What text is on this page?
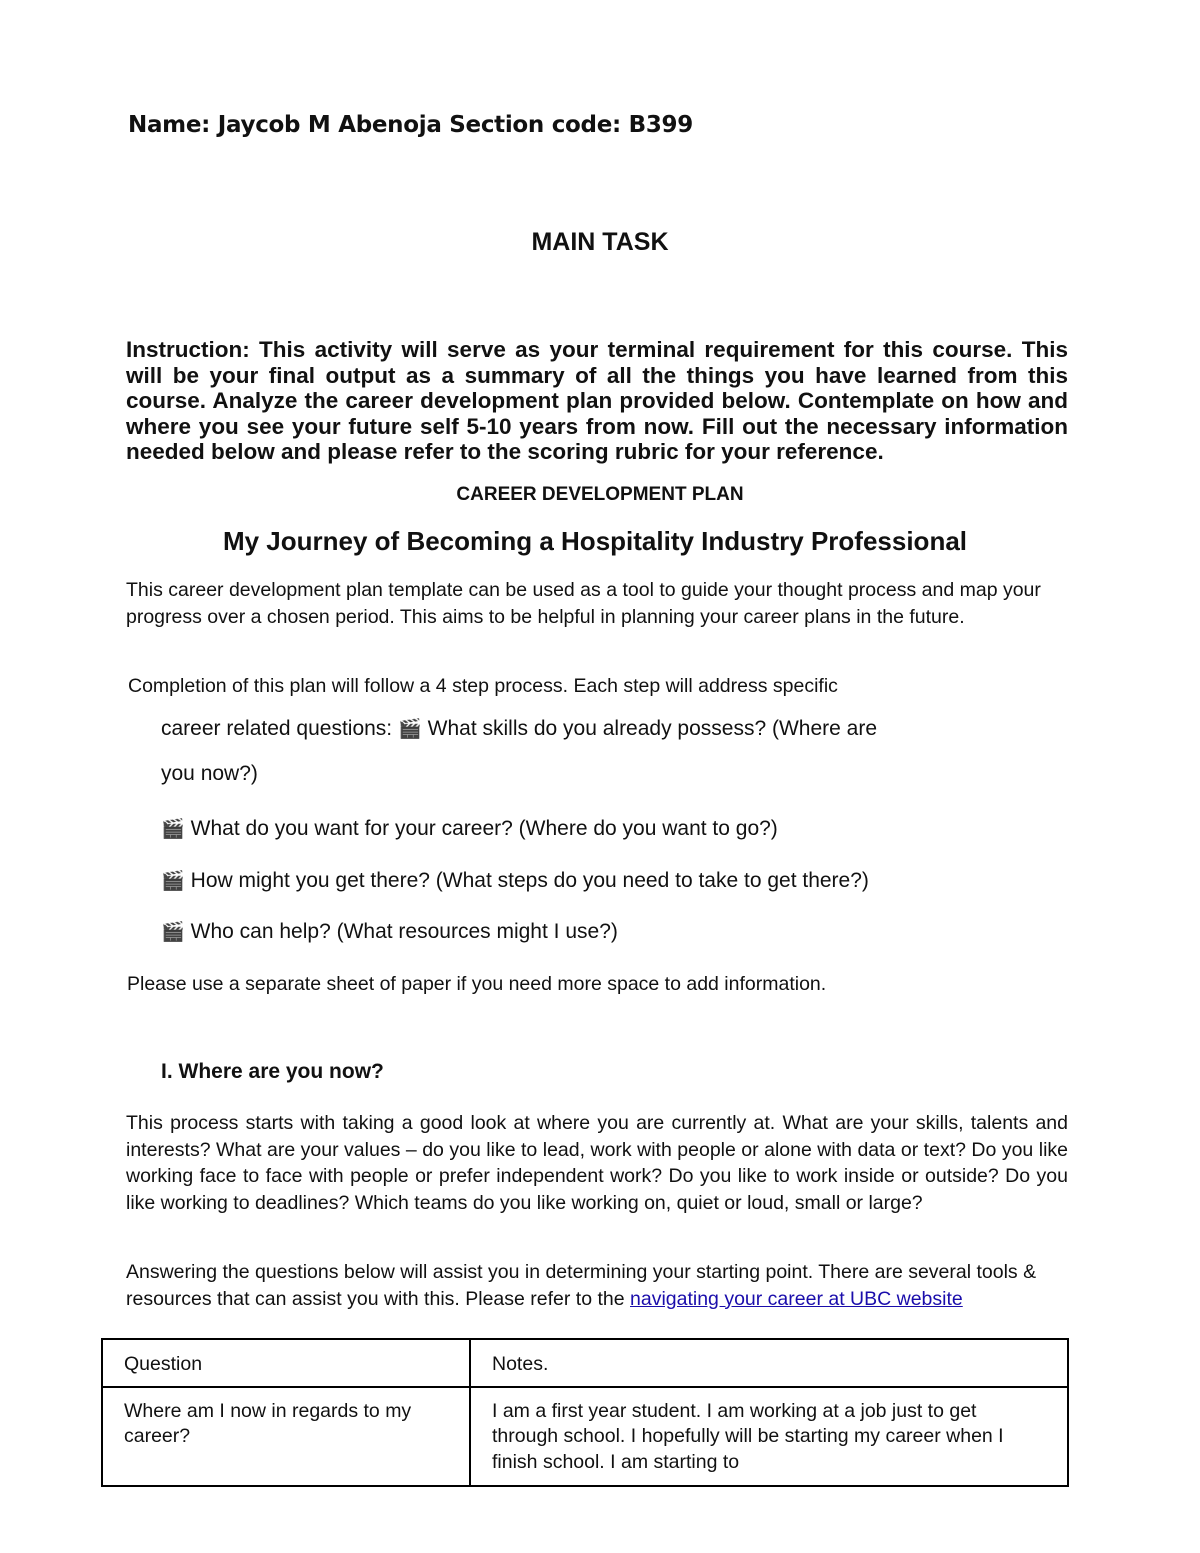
Name: Jaycob M Abenoja Section code: B399
MAIN TASK
Instruction: This activity will serve as your terminal requirement for this course. This will be your final output as a summary of all the things you have learned from this course. Analyze the career development plan provided below. Contemplate on how and where you see your future self 5-10 years from now. Fill out the necessary information needed below and please refer to the scoring rubric for your reference.
CAREER DEVELOPMENT PLAN
My Journey of Becoming a Hospitality Industry Professional
This career development plan template can be used as a tool to guide your thought process and map your progress over a chosen period. This aims to be helpful in planning your career plans in the future.
Completion of this plan will follow a 4 step process. Each step will address specific
career related questions: 🎬 What skills do you already possess? (Where are
you now?)
🎬 What do you want for your career? (Where do you want to go?)
🎬 How might you get there? (What steps do you need to take to get there?)
🎬 Who can help? (What resources might I use?)
Please use a separate sheet of paper if you need more space to add information.
I. Where are you now?
This process starts with taking a good look at where you are currently at. What are your skills, talents and interests? What are your values – do you like to lead, work with people or alone with data or text? Do you like working face to face with people or prefer independent work? Do you like to work inside or outside? Do you like working to deadlines? Which teams do you like working on, quiet or loud, small or large?
Answering the questions below will assist you in determining your starting point. There are several tools & resources that can assist you with this. Please refer to the navigating your career at UBC website
Question	Notes.
Where am I now in regards to my career?	I am a first year student. I am working at a job just to get through school. I hopefully will be starting my career when I finish school. I am starting to
